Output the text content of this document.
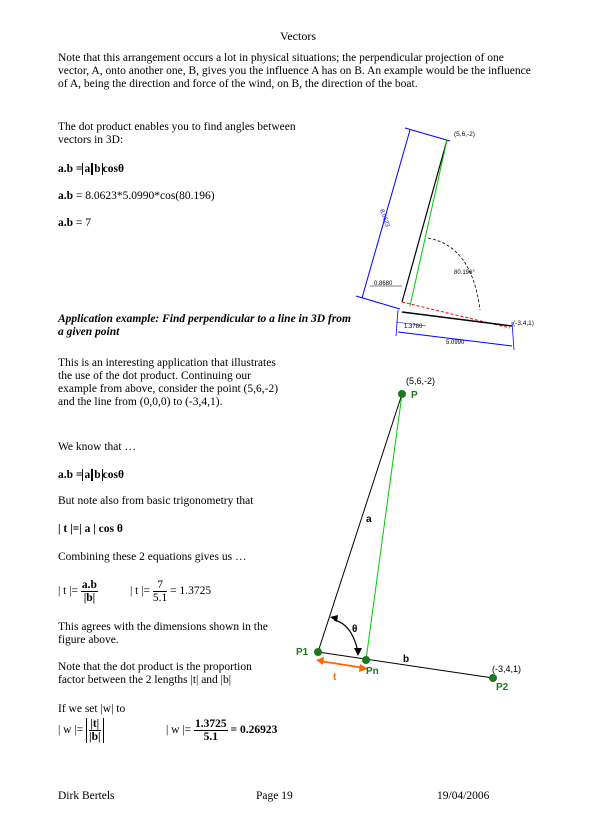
Vectors
Note that this arrangement occurs a lot in physical situations; the perpendicular projection of one vector, A, onto another one, B, gives you the influence A has on B. An example would be the influence of A, being the direction and force of the wind, on B, the direction of the boat.
The dot product enables you to find angles between vectors in 3D:
a.b = a b cosθ
a.b = 8.0623*5.0990*cos(80.196)
a.b = 7
(5,6,-2)
(-3,4,1)
8.0623
80.196°
0.8680
1.3780
5.0990
Application example: Find perpendicular to a line in 3D from a given point
This is an interesting application that illustrates the use of the dot product. Continuing our example from above, consider the point (5,6,-2) and the line from (0,0,0) to (-3,4,1).
We know that …
a.b = a b cosθ
But note also from basic trigonometry that
| t |=| a | cos θ
Combining these 2 equations gives us …
| t |= $\frac{a.b}{|b|}$	| t |= $\frac{7}{5.1} = 1.3725$
This agrees with the dimensions shown in the figure above.
Note that the dot product is the proportion factor between the 2 lengths |t| and |b|
If we set |w| to
| w |= $\frac{|t|}{|b|}$	| w |= $\frac{1.3725}{5.1} = 0.26923$
(5,6,-2)
P
a
θ
P1
Pn
t
b
(-3,4,1)
P2
Dirk Bertels	Page 19	19/04/2006
